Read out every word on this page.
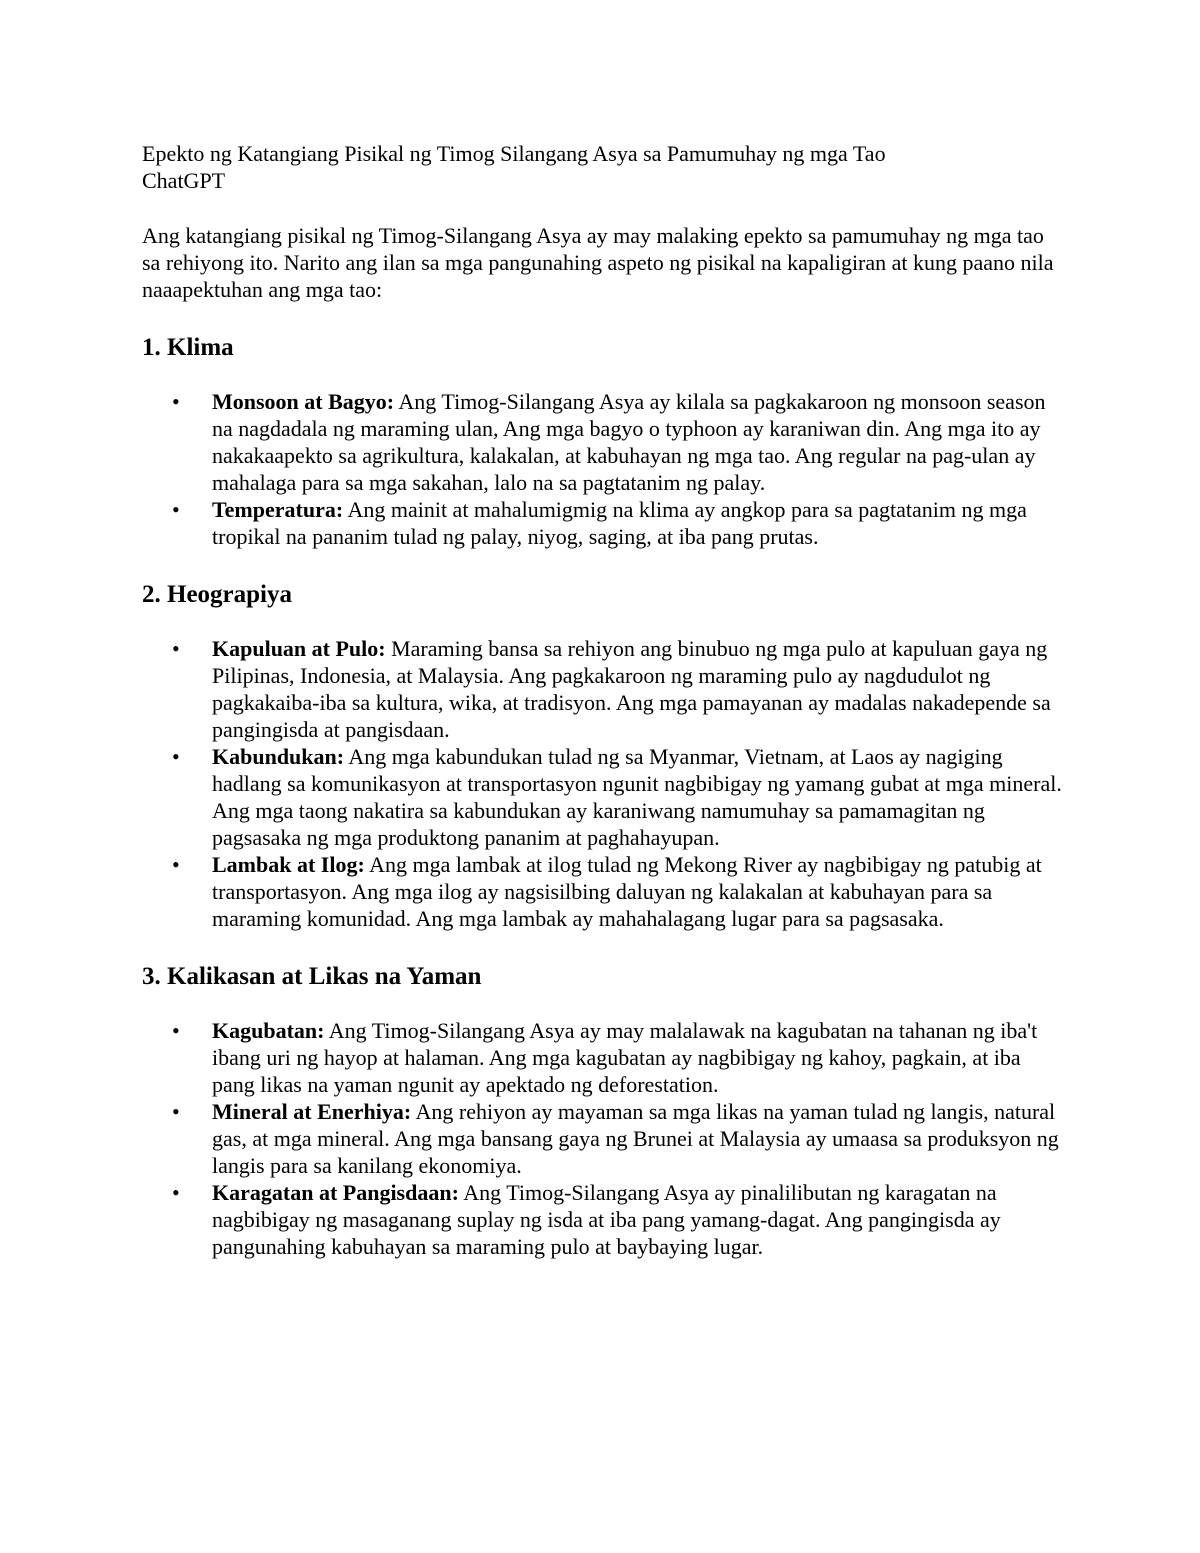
Epekto ng Katangiang Pisikal ng Timog Silangang Asya sa Pamumuhay ng mga Tao

ChatGPT

Ang katangiang pisikal ng Timog-Silangang Asya ay may malaking epekto sa pamumuhay ng mga tao sa rehiyong ito. Narito ang ilan sa mga pangunahing aspeto ng pisikal na kapaligiran at kung paano nila naaapektuhan ang mga tao:

1. Klima
• Monsoon at Bagyo: Ang Timog-Silangang Asya ay kilala sa pagkakaroon ng monsoon season na nagdadala ng maraming ulan, Ang mga bagyo o typhoon ay karaniwan din. Ang mga ito ay nakakaapekto sa agrikultura, kalakalan, at kabuhayan ng mga tao. Ang regular na pag-ulan ay mahalaga para sa mga sakahan, lalo na sa pagtatanim ng palay.
• Temperatura: Ang mainit at mahalumigmig na klima ay angkop para sa pagtatanim ng mga tropikal na pananim tulad ng palay, niyog, saging, at iba pang prutas.
2. Heograpiya
• Kapuluan at Pulo: Maraming bansa sa rehiyon ang binubuo ng mga pulo at kapuluan gaya ng Pilipinas, Indonesia, at Malaysia. Ang pagkakaroon ng maraming pulo ay nagdudulot ng pagkakaiba-iba sa kultura, wika, at tradisyon. Ang mga pamayanan ay madalas nakadepende sa pangingisda at pangisdaan.
• Kabundukan: Ang mga kabundukan tulad ng sa Myanmar, Vietnam, at Laos ay nagiging hadlang sa komunikasyon at transportasyon ngunit nagbibigay ng yamang gubat at mga mineral. Ang mga taong nakatira sa kabundukan ay karaniwang namumuhay sa pamamagitan ng pagsasaka ng mga produktong pananim at paghahayupan.
• Lambak at Ilog: Ang mga lambak at ilog tulad ng Mekong River ay nagbibigay ng patubig at transportasyon. Ang mga ilog ay nagsisilbing daluyan ng kalakalan at kabuhayan para sa maraming komunidad. Ang mga lambak ay mahahalagang lugar para sa pagsasaka.
3. Kalikasan at Likas na Yaman
• Kagubatan: Ang Timog-Silangang Asya ay may malalawak na kagubatan na tahanan ng iba't ibang uri ng hayop at halaman. Ang mga kagubatan ay nagbibigay ng kahoy, pagkain, at iba pang likas na yaman ngunit ay apektado ng deforestation.
• Mineral at Enerhiya: Ang rehiyon ay mayaman sa mga likas na yaman tulad ng langis, natural gas, at mga mineral. Ang mga bansang gaya ng Brunei at Malaysia ay umaasa sa produksyon ng langis para sa kanilang ekonomiya.
• Karagatan at Pangisdaan: Ang Timog-Silangang Asya ay pinalilibutan ng karagatan na nagbibigay ng masaganang suplay ng isda at iba pang yamang-dagat. Ang pangingisda ay pangunahing kabuhayan sa maraming pulo at baybaying lugar.
